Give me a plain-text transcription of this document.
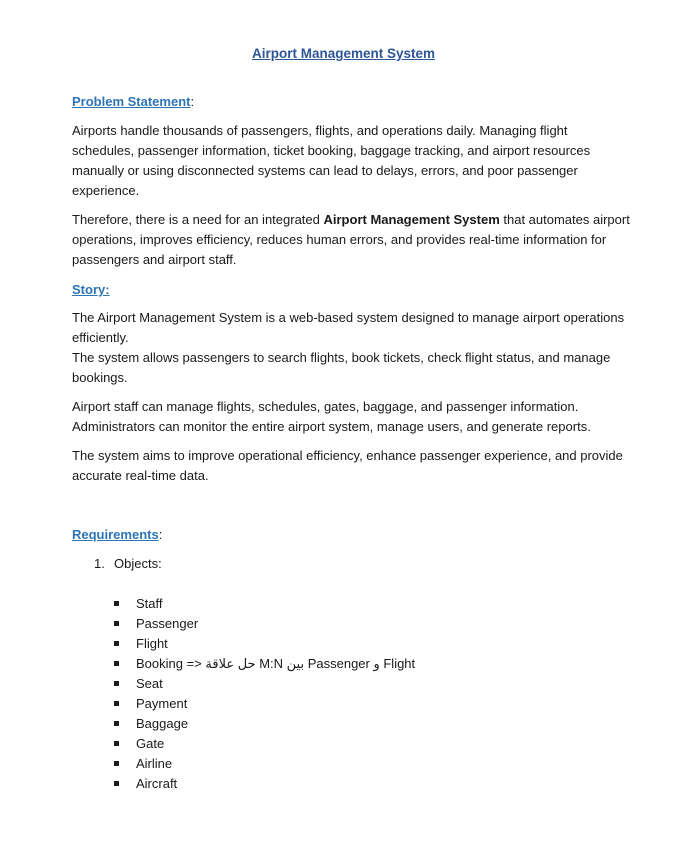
Airport Management System
Problem Statement:

Airports handle thousands of passengers, flights, and operations daily. Managing flight schedules, passenger information, ticket booking, baggage tracking, and airport resources manually or using disconnected systems can lead to delays, errors, and poor passenger experience.

Therefore, there is a need for an integrated Airport Management System that automates airport operations, improves efficiency, reduces human errors, and provides real-time information for passengers and airport staff.

Story:

The Airport Management System is a web-based system designed to manage airport operations efficiently.

The system allows passengers to search flights, book tickets, check flight status, and manage bookings.

Airport staff can manage flights, schedules, gates, baggage, and passenger information.

Administrators can monitor the entire airport system, manage users, and generate reports.

The system aims to improve operational efficiency, enhance passenger experience, and provide accurate real-time data.

Requirements:
1. Objects:
Staff
Passenger
Flight
Booking => حل علاقة M:N بين Passenger و Flight
Seat
Payment
Baggage
Gate
Airline
Aircraft
